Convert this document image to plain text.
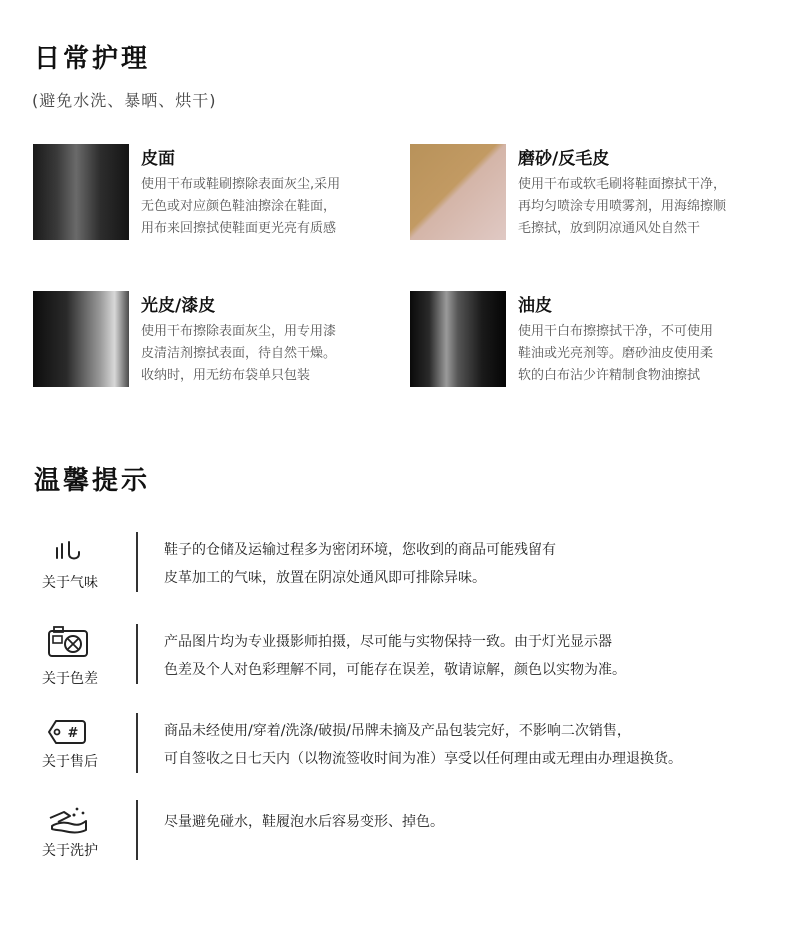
日常护理
(避免水洗、暴晒、烘干)
皮面
使用干布或鞋刷擦除表面灰尘,采用
无色或对应颜色鞋油擦涂在鞋面，
用布来回擦拭使鞋面更光亮有质感
磨砂/反毛皮
使用干布或软毛刷将鞋面擦拭干净，
再均匀喷涂专用喷雾剂，用海绵擦顺
毛擦拭，放到阴凉通风处自然干
光皮/漆皮
使用干布擦除表面灰尘，用专用漆
皮清洁剂擦拭表面，待自然干燥。
收纳时，用无纺布袋单只包装
油皮
使用干白布擦擦拭干净，不可使用
鞋油或光亮剂等。磨砂油皮使用柔
软的白布沾少许精制食物油擦拭
温馨提示
关于气味
鞋子的仓储及运输过程多为密闭环境，您收到的商品可能残留有
皮革加工的气味，放置在阴凉处通风即可排除异味。
关于色差
产品图片均为专业摄影师拍摄，尽可能与实物保持一致。由于灯光显示器
色差及个人对色彩理解不同，可能存在误差，敬请谅解，颜色以实物为准。
#
关于售后
商品未经使用/穿着/洗涤/破损/吊牌未摘及产品包装完好，不影响二次销售，
可自签收之日七天内（以物流签收时间为准）享受以任何理由或无理由办理退换货。
关于洗护
尽量避免碰水，鞋履泡水后容易变形、掉色。
